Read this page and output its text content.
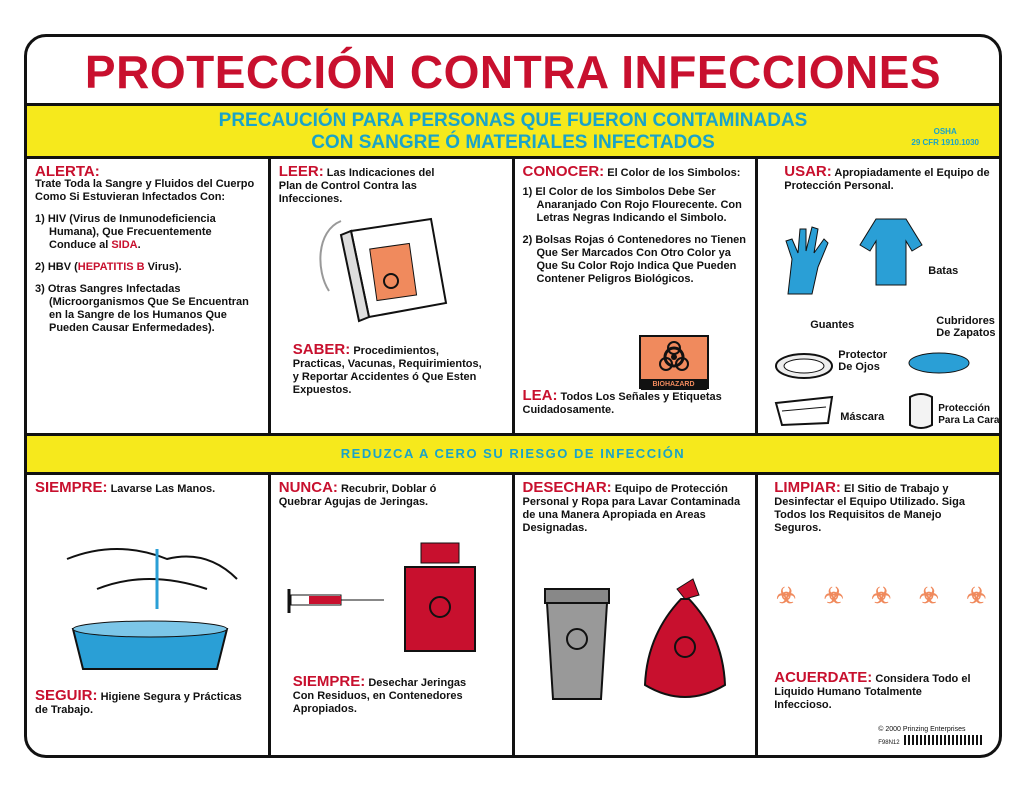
PROTECCIÓN CONTRA INFECCIONES
PRECAUCIÓN PARA PERSONAS QUE FUERON CONTAMINADAS
CON SANGRE Ó MATERIALES INFECTADOS
OSHA
29 CFR 1910.1030
ALERTA:

Trate Toda la Sangre y Fluidos del Cuerpo Como Si Estuvieran Infectados Con:

1) HIV (Virus de Inmunodeficiencia Humana), Que Frecuentemente Conduce al SIDA.

2) HBV (HEPATITIS B Virus).

3) Otras Sangres Infectadas (Microorganismos Que Se Encuentran en la Sangre de los Humanos Que Pueden Causar Enfermedades).

LEER: Las Indicaciones del Plan de Control Contra las Infecciones.
SABER: Procedimientos, Practicas, Vacunas, Requirimientos, y Reportar Accidentes ó Que Esten Expuestos.
CONOCER: El Color de los Simbolos:

1) El Color de los Simbolos Debe Ser Anaranjado Con Rojo Flourecente. Con Letras Negras Indicando el Simbolo.

2) Bolsas Rojas ó Contenedores no Tienen Que Ser Marcados Con Otro Color ya Que Su Color Rojo Indica Que Pueden Contener Peligros Biológicos.

BIOHAZARD
LEA: Todos Los Señales y Etiquetas Cuidadosamente.
USAR: Apropiadamente el Equipo de Protección Personal.
Guantes
Batas
Cubridores De Zapatos
Protector De Ojos
Máscara
Protección Para La Cara
REDUZCA A CERO SU RIESGO DE INFECCIÓN
SIEMPRE: Lavarse Las Manos.
SEGUIR: Higiene Segura y Prácticas de Trabajo.
NUNCA: Recubrir, Doblar ó Quebrar Agujas de Jeringas.
SIEMPRE: Desechar Jeringas Con Residuos, en Contenedores Apropiados.
DESECHAR: Equipo de Protección Personal y Ropa para Lavar Contaminada de una Manera Apropiada en Areas Designadas.
LIMPIAR: El Sitio de Trabajo y Desinfectar el Equipo Utilizado. Siga Todos los Requisitos de Manejo Seguros.
☣ ☣ ☣ ☣ ☣
ACUERDATE: Considera Todo el Liquido Humano Totalmente Infeccioso.
© 2000 Prinzing Enterprises
F98N12
